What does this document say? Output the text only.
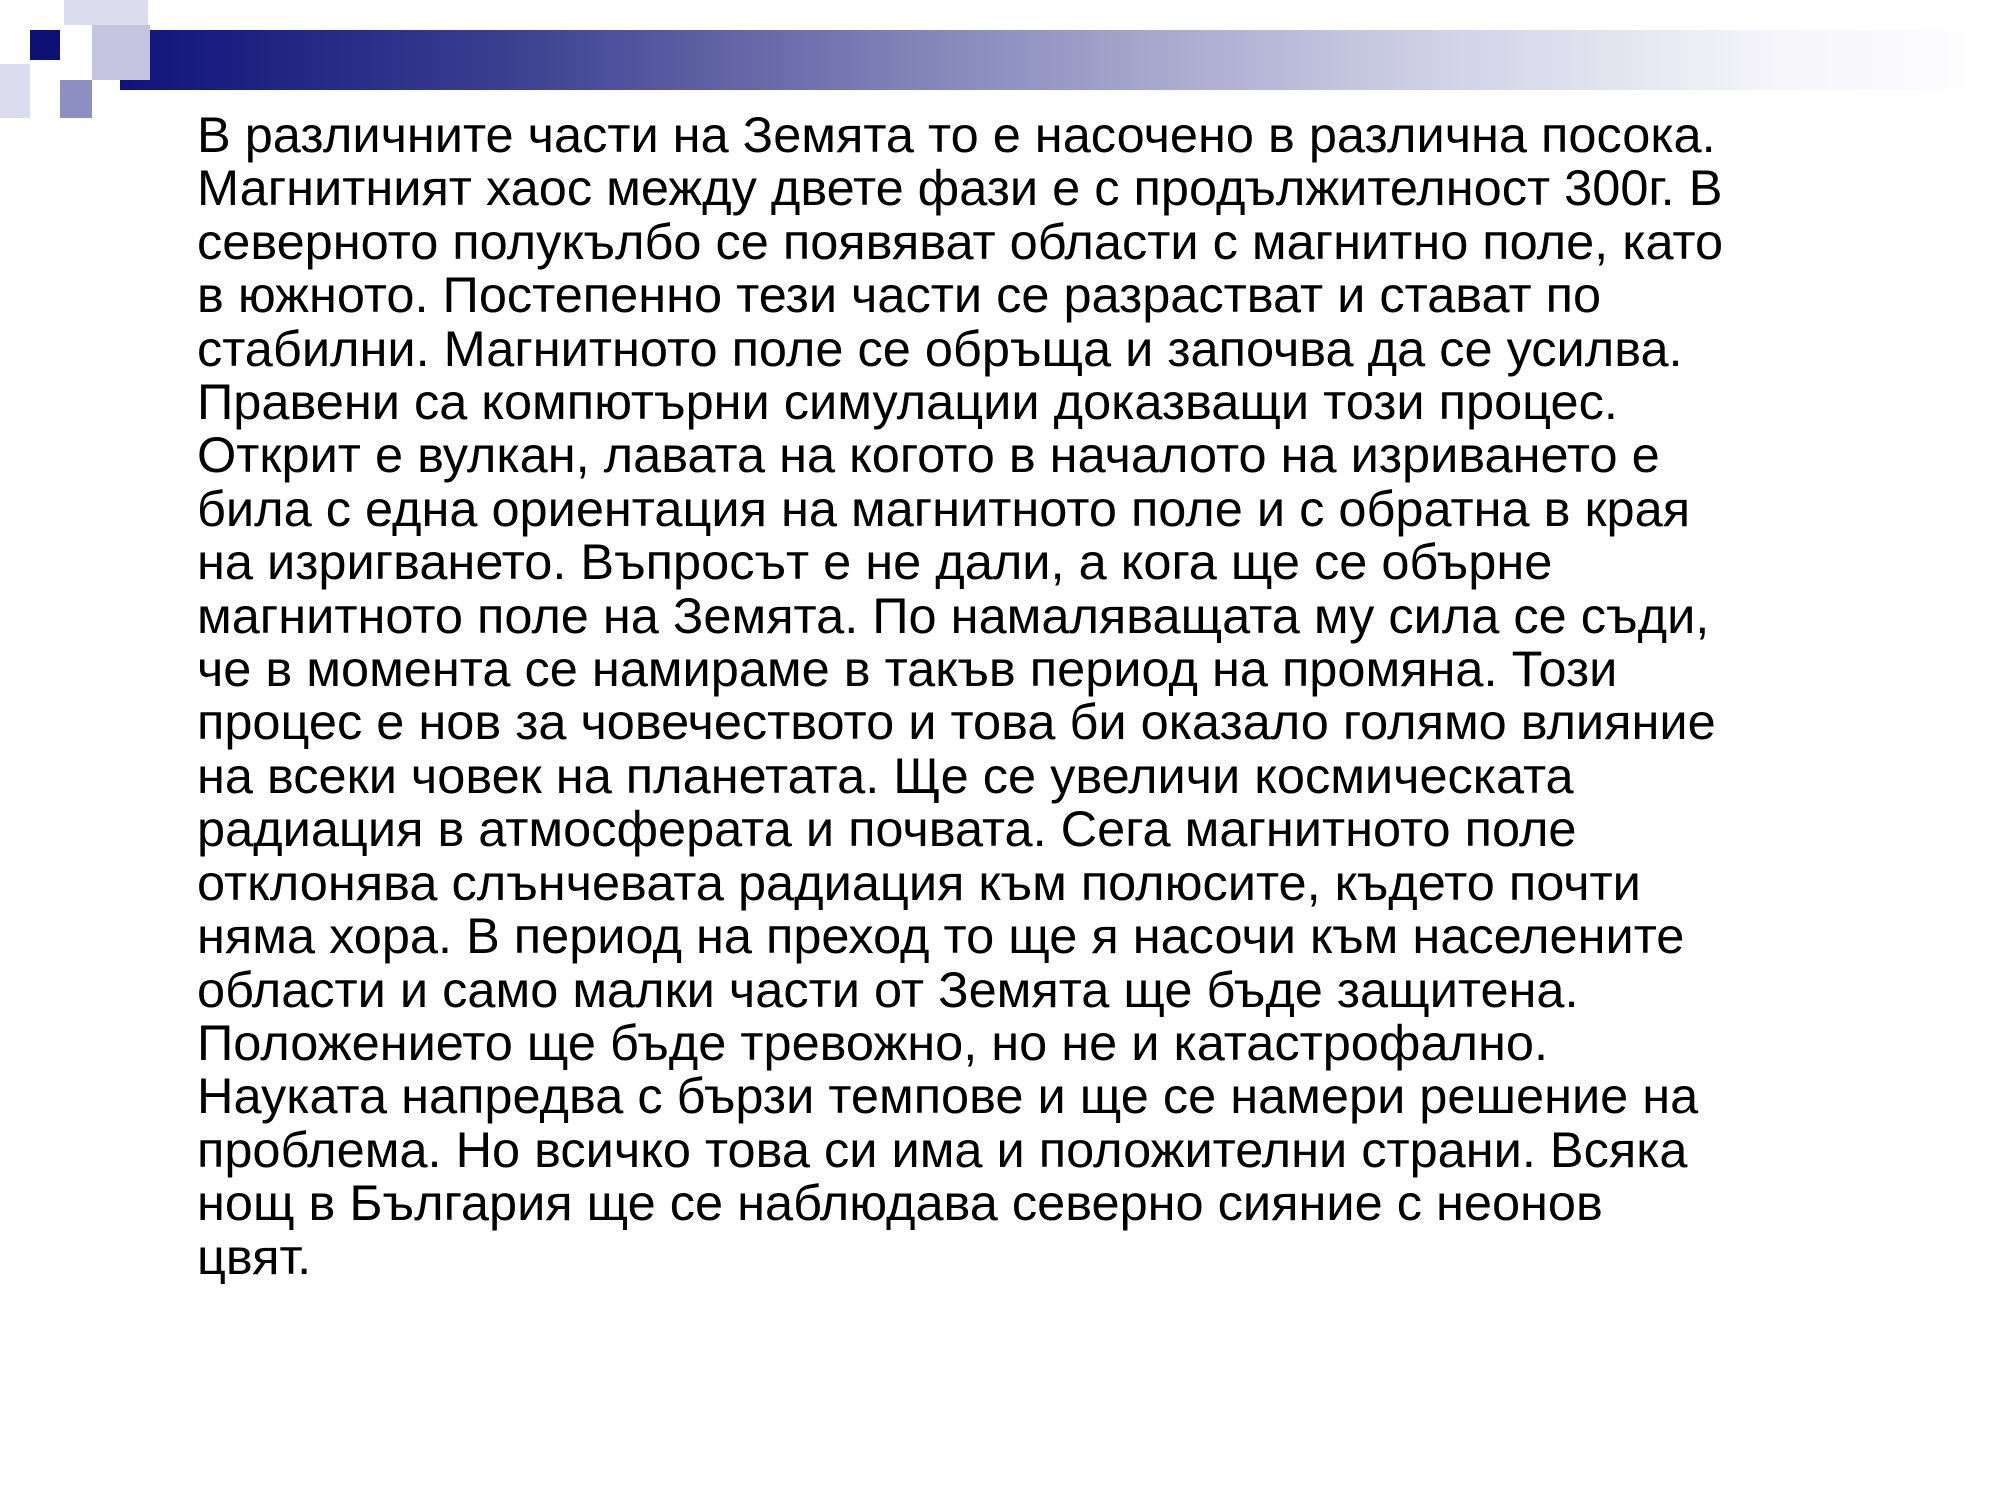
В различните части на Земята то е насочено в различна посока.
Магнитният хаос между двете фази е с продължителност 300г. В
северното полукълбо се появяват области с магнитно поле, като
в южното. Постепенно тези части се разрастват и стават по
стабилни. Магнитното поле се обръща и започва да се усилва.
Правени са компютърни симулации доказващи този процес.
Открит е вулкан, лавата на когото в началото на изриването е
била с една ориентация на магнитното поле и с обратна в края
на изригването. Въпросът е не дали, а кога ще се обърне
магнитното поле на Земята. По намаляващата му сила се съди,
че в момента се намираме в такъв период на промяна. Този
процес е нов за човечеството и това би оказало голямо влияние
на всеки човек на планетата. Ще се увеличи космическата
радиация в атмосферата и почвата. Сега магнитното поле
отклонява слънчевата радиация към полюсите, където почти
няма хора. В период на преход то ще я насочи към населените
области и само малки части от Земята ще бъде защитена.
Положението ще бъде тревожно, но не и катастрофално.
Науката напредва с бързи темпове и ще се намери решение на
проблема. Но всичко това си има и положителни страни. Всяка
нощ в България ще се наблюдава северно сияние с неонов
цвят.
